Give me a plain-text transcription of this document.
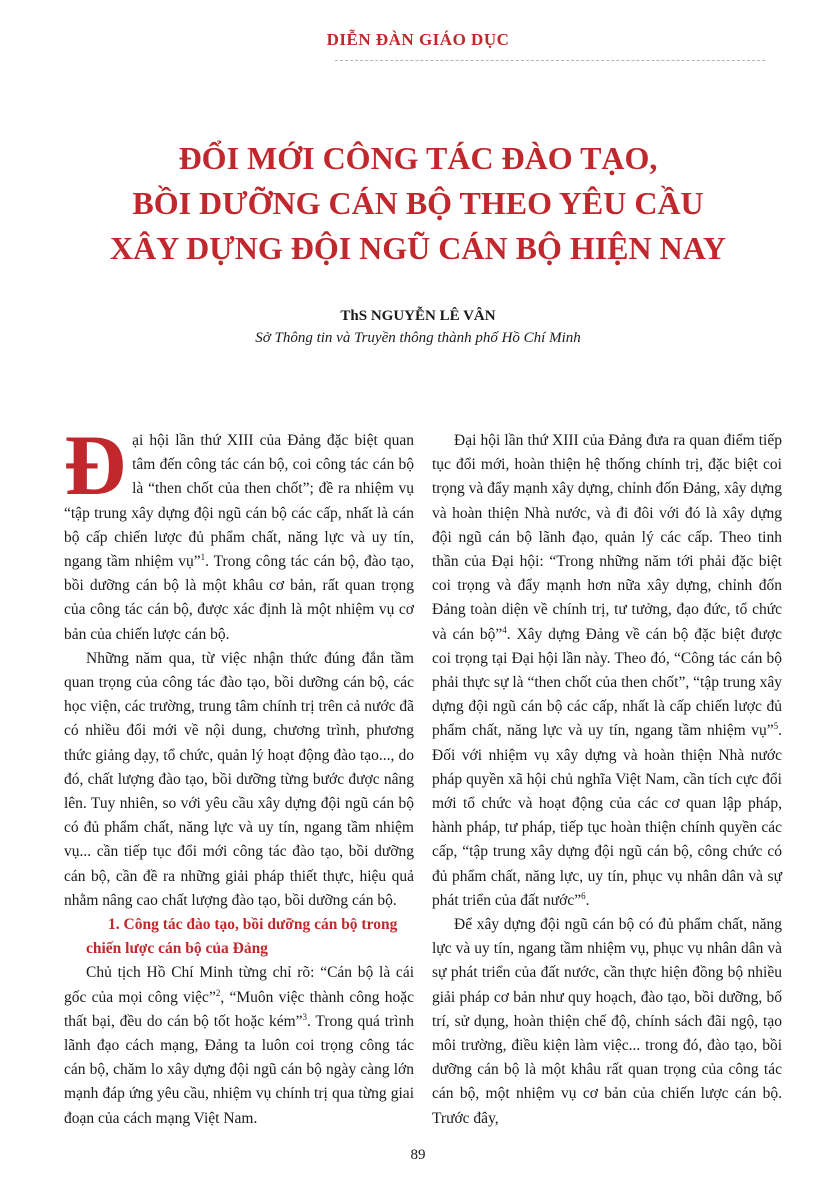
DIỄN ĐÀN GIÁO DỤC
ĐỔI MỚI CÔNG TÁC ĐÀO TẠO,
BỒI DƯỠNG CÁN BỘ THEO YÊU CẦU
XÂY DỰNG ĐỘI NGŨ CÁN BỘ HIỆN NAY
ThS NGUYỄN LÊ VÂN
Sở Thông tin và Truyền thông thành phố Hồ Chí Minh

Đại hội lần thứ XIII của Đảng đặc biệt quan tâm đến công tác cán bộ, coi công tác cán bộ là “then chốt của then chốt”; đề ra nhiệm vụ “tập trung xây dựng đội ngũ cán bộ các cấp, nhất là cán bộ cấp chiến lược đủ phẩm chất, năng lực và uy tín, ngang tầm nhiệm vụ”$^1$. Trong công tác cán bộ, đào tạo, bồi dưỡng cán bộ là một khâu cơ bản, rất quan trọng của công tác cán bộ, được xác định là một nhiệm vụ cơ bản của chiến lược cán bộ.

Những năm qua, từ việc nhận thức đúng đắn tầm quan trọng của công tác đào tạo, bồi dưỡng cán bộ, các học viện, các trường, trung tâm chính trị trên cả nước đã có nhiều đổi mới về nội dung, chương trình, phương thức giảng dạy, tổ chức, quản lý hoạt động đào tạo..., do đó, chất lượng đào tạo, bồi dưỡng từng bước được nâng lên. Tuy nhiên, so với yêu cầu xây dựng đội ngũ cán bộ có đủ phẩm chất, năng lực và uy tín, ngang tầm nhiệm vụ... cần tiếp tục đổi mới công tác đào tạo, bồi dưỡng cán bộ, cần đề ra những giải pháp thiết thực, hiệu quả nhằm nâng cao chất lượng đào tạo, bồi dưỡng cán bộ.

1. Công tác đào tạo, bồi dưỡng cán bộ trong chiến lược cán bộ của Đảng

Chủ tịch Hồ Chí Minh từng chỉ rõ: “Cán bộ là cái gốc của mọi công việc”$^2$, “Muôn việc thành công hoặc thất bại, đều do cán bộ tốt hoặc kém”$^3$. Trong quá trình lãnh đạo cách mạng, Đảng ta luôn coi trọng công tác cán bộ, chăm lo xây dựng đội ngũ cán bộ ngày càng lớn mạnh đáp ứng yêu cầu, nhiệm vụ chính trị qua từng giai đoạn của cách mạng Việt Nam.

Đại hội lần thứ XIII của Đảng đưa ra quan điểm tiếp tục đổi mới, hoàn thiện hệ thống chính trị, đặc biệt coi trọng và đẩy mạnh xây dựng, chỉnh đốn Đảng, xây dựng và hoàn thiện Nhà nước, và đi đôi với đó là xây dựng đội ngũ cán bộ lãnh đạo, quản lý các cấp. Theo tinh thần của Đại hội: “Trong những năm tới phải đặc biệt coi trọng và đẩy mạnh hơn nữa xây dựng, chỉnh đốn Đảng toàn diện về chính trị, tư tưởng, đạo đức, tổ chức và cán bộ”$^4$. Xây dựng Đảng về cán bộ đặc biệt được coi trọng tại Đại hội lần này. Theo đó, “Công tác cán bộ phải thực sự là “then chốt của then chốt”, “tập trung xây dựng đội ngũ cán bộ các cấp, nhất là cấp chiến lược đủ phẩm chất, năng lực và uy tín, ngang tầm nhiệm vụ”$^5$. Đối với nhiệm vụ xây dựng và hoàn thiện Nhà nước pháp quyền xã hội chủ nghĩa Việt Nam, cần tích cực đổi mới tổ chức và hoạt động của các cơ quan lập pháp, hành pháp, tư pháp, tiếp tục hoàn thiện chính quyền các cấp, “tập trung xây dựng đội ngũ cán bộ, công chức có đủ phẩm chất, năng lực, uy tín, phục vụ nhân dân và sự phát triển của đất nước”$^6$.

Để xây dựng đội ngũ cán bộ có đủ phẩm chất, năng lực và uy tín, ngang tầm nhiệm vụ, phục vụ nhân dân và sự phát triển của đất nước, cần thực hiện đồng bộ nhiều giải pháp cơ bản như quy hoạch, đào tạo, bồi dưỡng, bố trí, sử dụng, hoàn thiện chế độ, chính sách đãi ngộ, tạo môi trường, điều kiện làm việc... trong đó, đào tạo, bồi dưỡng cán bộ là một khâu rất quan trọng của công tác cán bộ, một nhiệm vụ cơ bản của chiến lược cán bộ. Trước đây,

89
